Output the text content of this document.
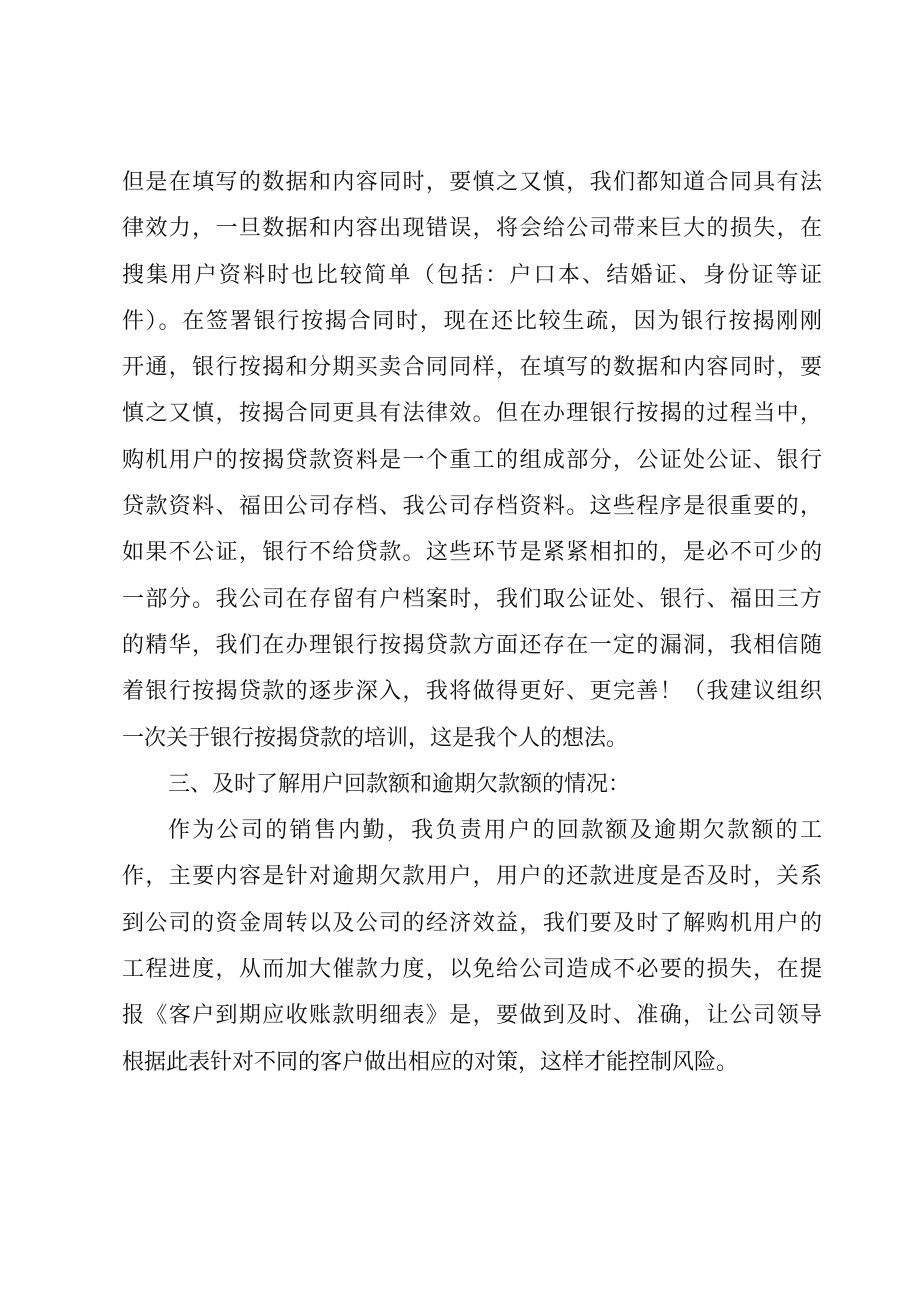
但是在填写的数据和内容同时，要慎之又慎，我们都知道合同具有法
律效力，一旦数据和内容出现错误，将会给公司带来巨大的损失，在
搜集用户资料时也比较简单（包括：户口本、结婚证、身份证等证
件）。在签署银行按揭合同时，现在还比较生疏，因为银行按揭刚刚
开通，银行按揭和分期买卖合同同样，在填写的数据和内容同时，要
慎之又慎，按揭合同更具有法律效。但在办理银行按揭的过程当中，
购机用户的按揭贷款资料是一个重工的组成部分，公证处公证、银行
贷款资料、福田公司存档、我公司存档资料。这些程序是很重要的，
如果不公证，银行不给贷款。这些环节是紧紧相扣的，是必不可少的
一部分。我公司在存留有户档案时，我们取公证处、银行、福田三方
的精华，我们在办理银行按揭贷款方面还存在一定的漏洞，我相信随
着银行按揭贷款的逐步深入，我将做得更好、更完善！（我建议组织
一次关于银行按揭贷款的培训，这是我个人的想法。
三、及时了解用户回款额和逾期欠款额的情况：
作为公司的销售内勤，我负责用户的回款额及逾期欠款额的工
作，主要内容是针对逾期欠款用户，用户的还款进度是否及时，关系
到公司的资金周转以及公司的经济效益，我们要及时了解购机用户的
工程进度，从而加大催款力度，以免给公司造成不必要的损失，在提
报《客户到期应收账款明细表》是，要做到及时、准确，让公司领导
根据此表针对不同的客户做出相应的对策，这样才能控制风险。
